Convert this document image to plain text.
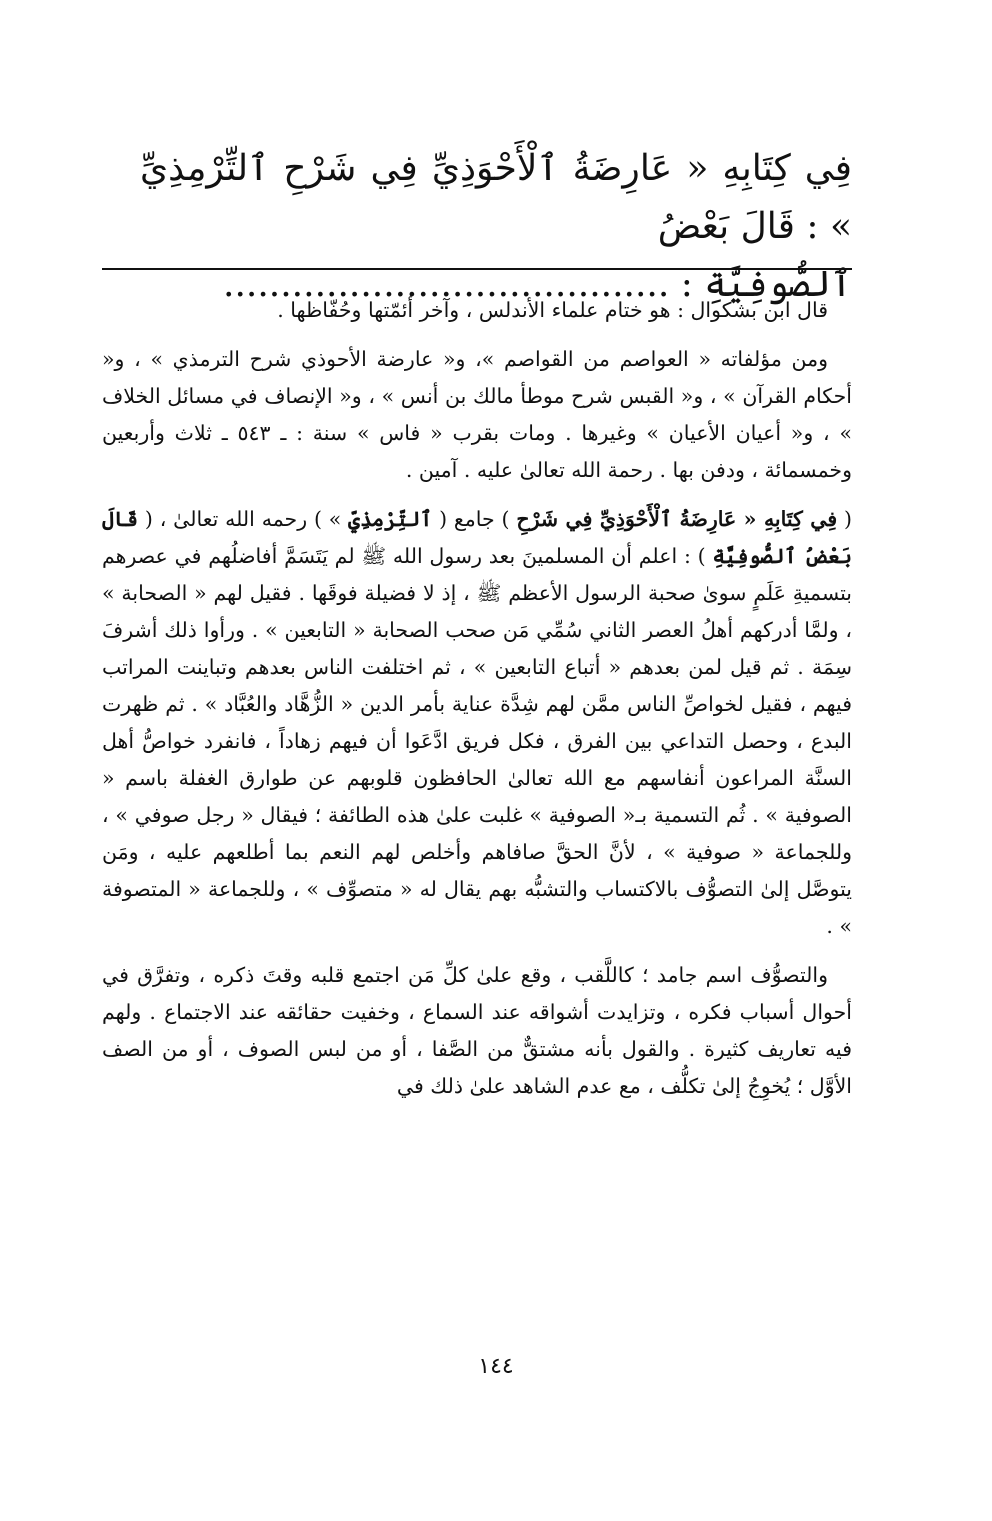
فِي كِتَابِهِ « عَارِضَةُ ٱلْأَحْوَذِيِّ فِي شَرْحِ ٱلتِّرْمِذِيِّ » : قَالَ بَعْضُ
ٱلصُّوفِيَّةِ : .......................................

قال ابن بشكوال : هو ختام علماء الأندلس ، وآخر أئمّتها وحُفّاظها .

ومن مؤلفاته « العواصم من القواصم »، و« عارضة الأحوذي شرح الترمذي » ، و« أحكام القرآن » ، و« القبس شرح موطأ مالك بن أنس » ، و« الإنصاف في مسائل الخلاف » ، و« أعيان الأعيان » وغيرها . ومات بقرب « فاس » سنة : ـ ٥٤٣ ـ ثلاث وأربعين وخمسمائة ، ودفن بها . رحمة الله تعالىٰ عليه . آمين .

( فِي كِتَابِهِ « عَارِضَةُ ٱلْأَحْوَذِيِّ فِي شَرْحِ ) جامع ( ٱلتِّرْمِذِيِّ » ) رحمه الله تعالىٰ ، ( قَالَ بَعْضُ ٱلصُّوفِيَّةِ ) : اعلم أن المسلمينَ بعد رسول الله ﷺ لم يَتَسَمَّ أفاضلُهم في عصرهم بتسميةِ عَلَمٍ سوىٰ صحبة الرسول الأعظم ﷺ ، إذ لا فضيلة فوقَها . فقيل لهم « الصحابة » ، ولمَّا أدركهم أهلُ العصر الثاني سُمِّي مَن صحب الصحابة « التابعين » . ورأوا ذلك أشرفَ سِمَة . ثم قيل لمن بعدهم « أتباع التابعين » ، ثم اختلفت الناس بعدهم وتباينت المراتب فيهم ، فقيل لخواصِّ الناس ممَّن لهم شِدَّة عناية بأمر الدين « الزُّهَّاد والعُبَّاد » . ثم ظهرت البدع ، وحصل التداعي بين الفرق ، فكل فريق ادَّعَوا أن فيهم زهاداً ، فانفرد خواصُّ أهل السنَّة المراعون أنفاسهم مع الله تعالىٰ الحافظون قلوبهم عن طوارق الغفلة باسم « الصوفية » . ثُم التسمية بـ« الصوفية » غلبت علىٰ هذه الطائفة ؛ فيقال « رجل صوفي » ، وللجماعة « صوفية » ، لأنَّ الحقَّ صافاهم وأخلص لهم النعم بما أطلعهم عليه ، ومَن يتوصَّل إلىٰ التصوُّف بالاكتساب والتشبُّه بهم يقال له « متصوِّف » ، وللجماعة « المتصوفة » .

والتصوُّف اسم جامد ؛ كاللَّقب ، وقع علىٰ كلِّ مَن اجتمع قلبه وقتَ ذكره ، وتفرَّق في أحوال أسباب فكره ، وتزايدت أشواقه عند السماع ، وخفيت حقائقه عند الاجتماع . ولهم فيه تعاريف كثيرة . والقول بأنه مشتقٌّ من الصَّفا ، أو من لبس الصوف ، أو من الصف الأوَّل ؛ يُخوِجُ إلىٰ تكلُّف ، مع عدم الشاهد علىٰ ذلك في

١٤٤
